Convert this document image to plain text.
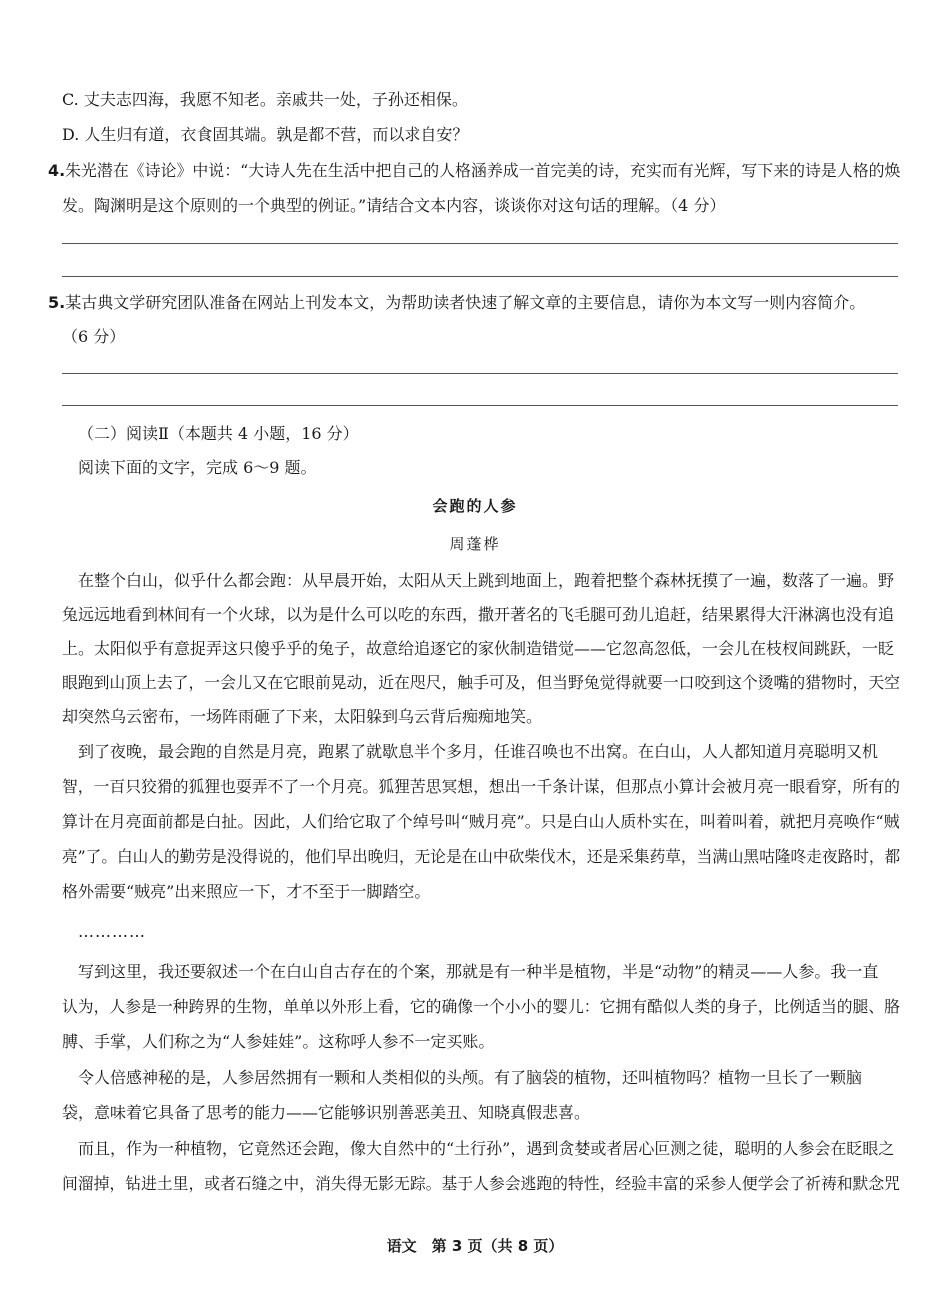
C. 丈夫志四海，我愿不知老。亲戚共一处，子孙还相保。
D. 人生归有道，衣食固其端。孰是都不营，而以求自安？
4.朱光潜在《诗论》中说：“大诗人先在生活中把自己的人格涵养成一首完美的诗，充实而有光辉，写下来的诗是人格的焕
发。陶渊明是这个原则的一个典型的例证。”请结合文本内容，谈谈你对这句话的理解。（4 分）
5.某古典文学研究团队准备在网站上刊发本文，为帮助读者快速了解文章的主要信息，请你为本文写一则内容简介。
（6 分）
（二）阅读Ⅱ（本题共 4 小题，16 分）
阅读下面的文字，完成 6～9 题。
会跑的人参
周蓬桦
在整个白山，似乎什么都会跑：从早晨开始，太阳从天上跳到地面上，跑着把整个森林抚摸了一遍，数落了一遍。野
兔远远地看到林间有一个火球，以为是什么可以吃的东西，撒开著名的飞毛腿可劲儿追赶，结果累得大汗淋漓也没有追
上。太阳似乎有意捉弄这只傻乎乎的兔子，故意给追逐它的家伙制造错觉——它忽高忽低，一会儿在枝杈间跳跃，一眨
眼跑到山顶上去了，一会儿又在它眼前晃动，近在咫尺，触手可及，但当野兔觉得就要一口咬到这个烫嘴的猎物时，天空
却突然乌云密布，一场阵雨砸了下来，太阳躲到乌云背后痴痴地笑。
到了夜晚，最会跑的自然是月亮，跑累了就歇息半个多月，任谁召唤也不出窝。在白山，人人都知道月亮聪明又机
智，一百只狡猾的狐狸也耍弄不了一个月亮。狐狸苦思冥想，想出一千条计谋，但那点小算计会被月亮一眼看穿，所有的
算计在月亮面前都是白扯。因此，人们给它取了个绰号叫“贼月亮”。只是白山人质朴实在，叫着叫着，就把月亮唤作“贼
亮”了。白山人的勤劳是没得说的，他们早出晚归，无论是在山中砍柴伐木，还是采集药草，当满山黑咕隆咚走夜路时，都
格外需要“贼亮”出来照应一下，才不至于一脚踏空。
…………
写到这里，我还要叙述一个在白山自古存在的个案，那就是有一种半是植物，半是“动物”的精灵——人参。我一直
认为，人参是一种跨界的生物，单单以外形上看，它的确像一个小小的婴儿：它拥有酷似人类的身子，比例适当的腿、胳
膊、手掌，人们称之为“人参娃娃”。这称呼人参不一定买账。
令人倍感神秘的是，人参居然拥有一颗和人类相似的头颅。有了脑袋的植物，还叫植物吗？植物一旦长了一颗脑
袋，意味着它具备了思考的能力——它能够识别善恶美丑、知晓真假悲喜。
而且，作为一种植物，它竟然还会跑，像大自然中的“土行孙”，遇到贪婪或者居心叵测之徒，聪明的人参会在眨眼之
间溜掉，钻进土里，或者石缝之中，消失得无影无踪。基于人参会逃跑的特性，经验丰富的采参人便学会了祈祷和默念咒
语文　第 3 页（共 8 页）
